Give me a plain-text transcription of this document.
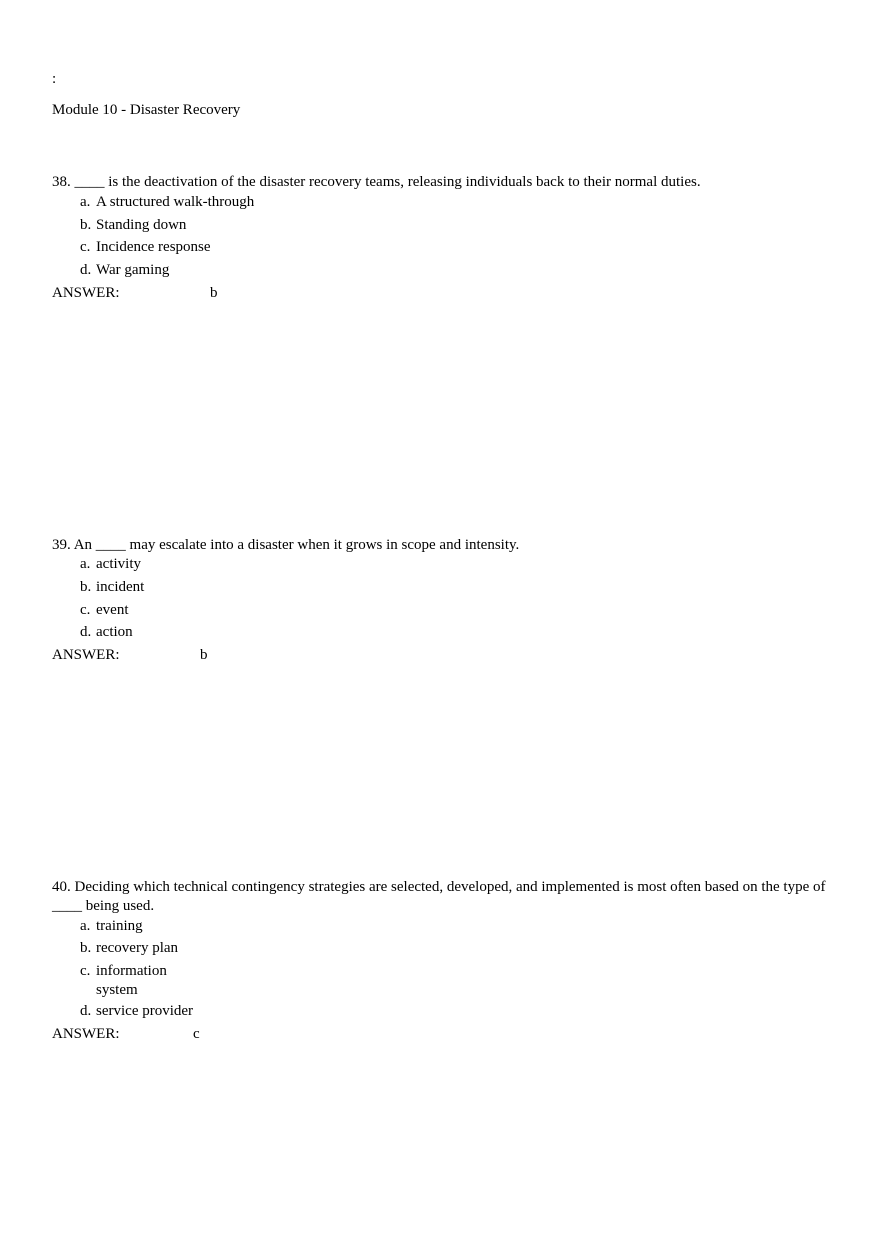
:
Module 10 - Disaster Recovery
38. ____ is the deactivation of the disaster recovery teams, releasing individuals back to their normal duties.
a. A structured walk-through
b. Standing down
c. Incidence response
d. War gaming
ANSWER:	b
39. An ____ may escalate into a disaster when it grows in scope and intensity.
a. activity
b. incident
c. event
d. action
ANSWER:	b
40. Deciding which technical contingency strategies are selected, developed, and implemented is most often based on the type of ____ being used.
a. training
b. recovery plan
c. information system
d. service provider
ANSWER:	c
